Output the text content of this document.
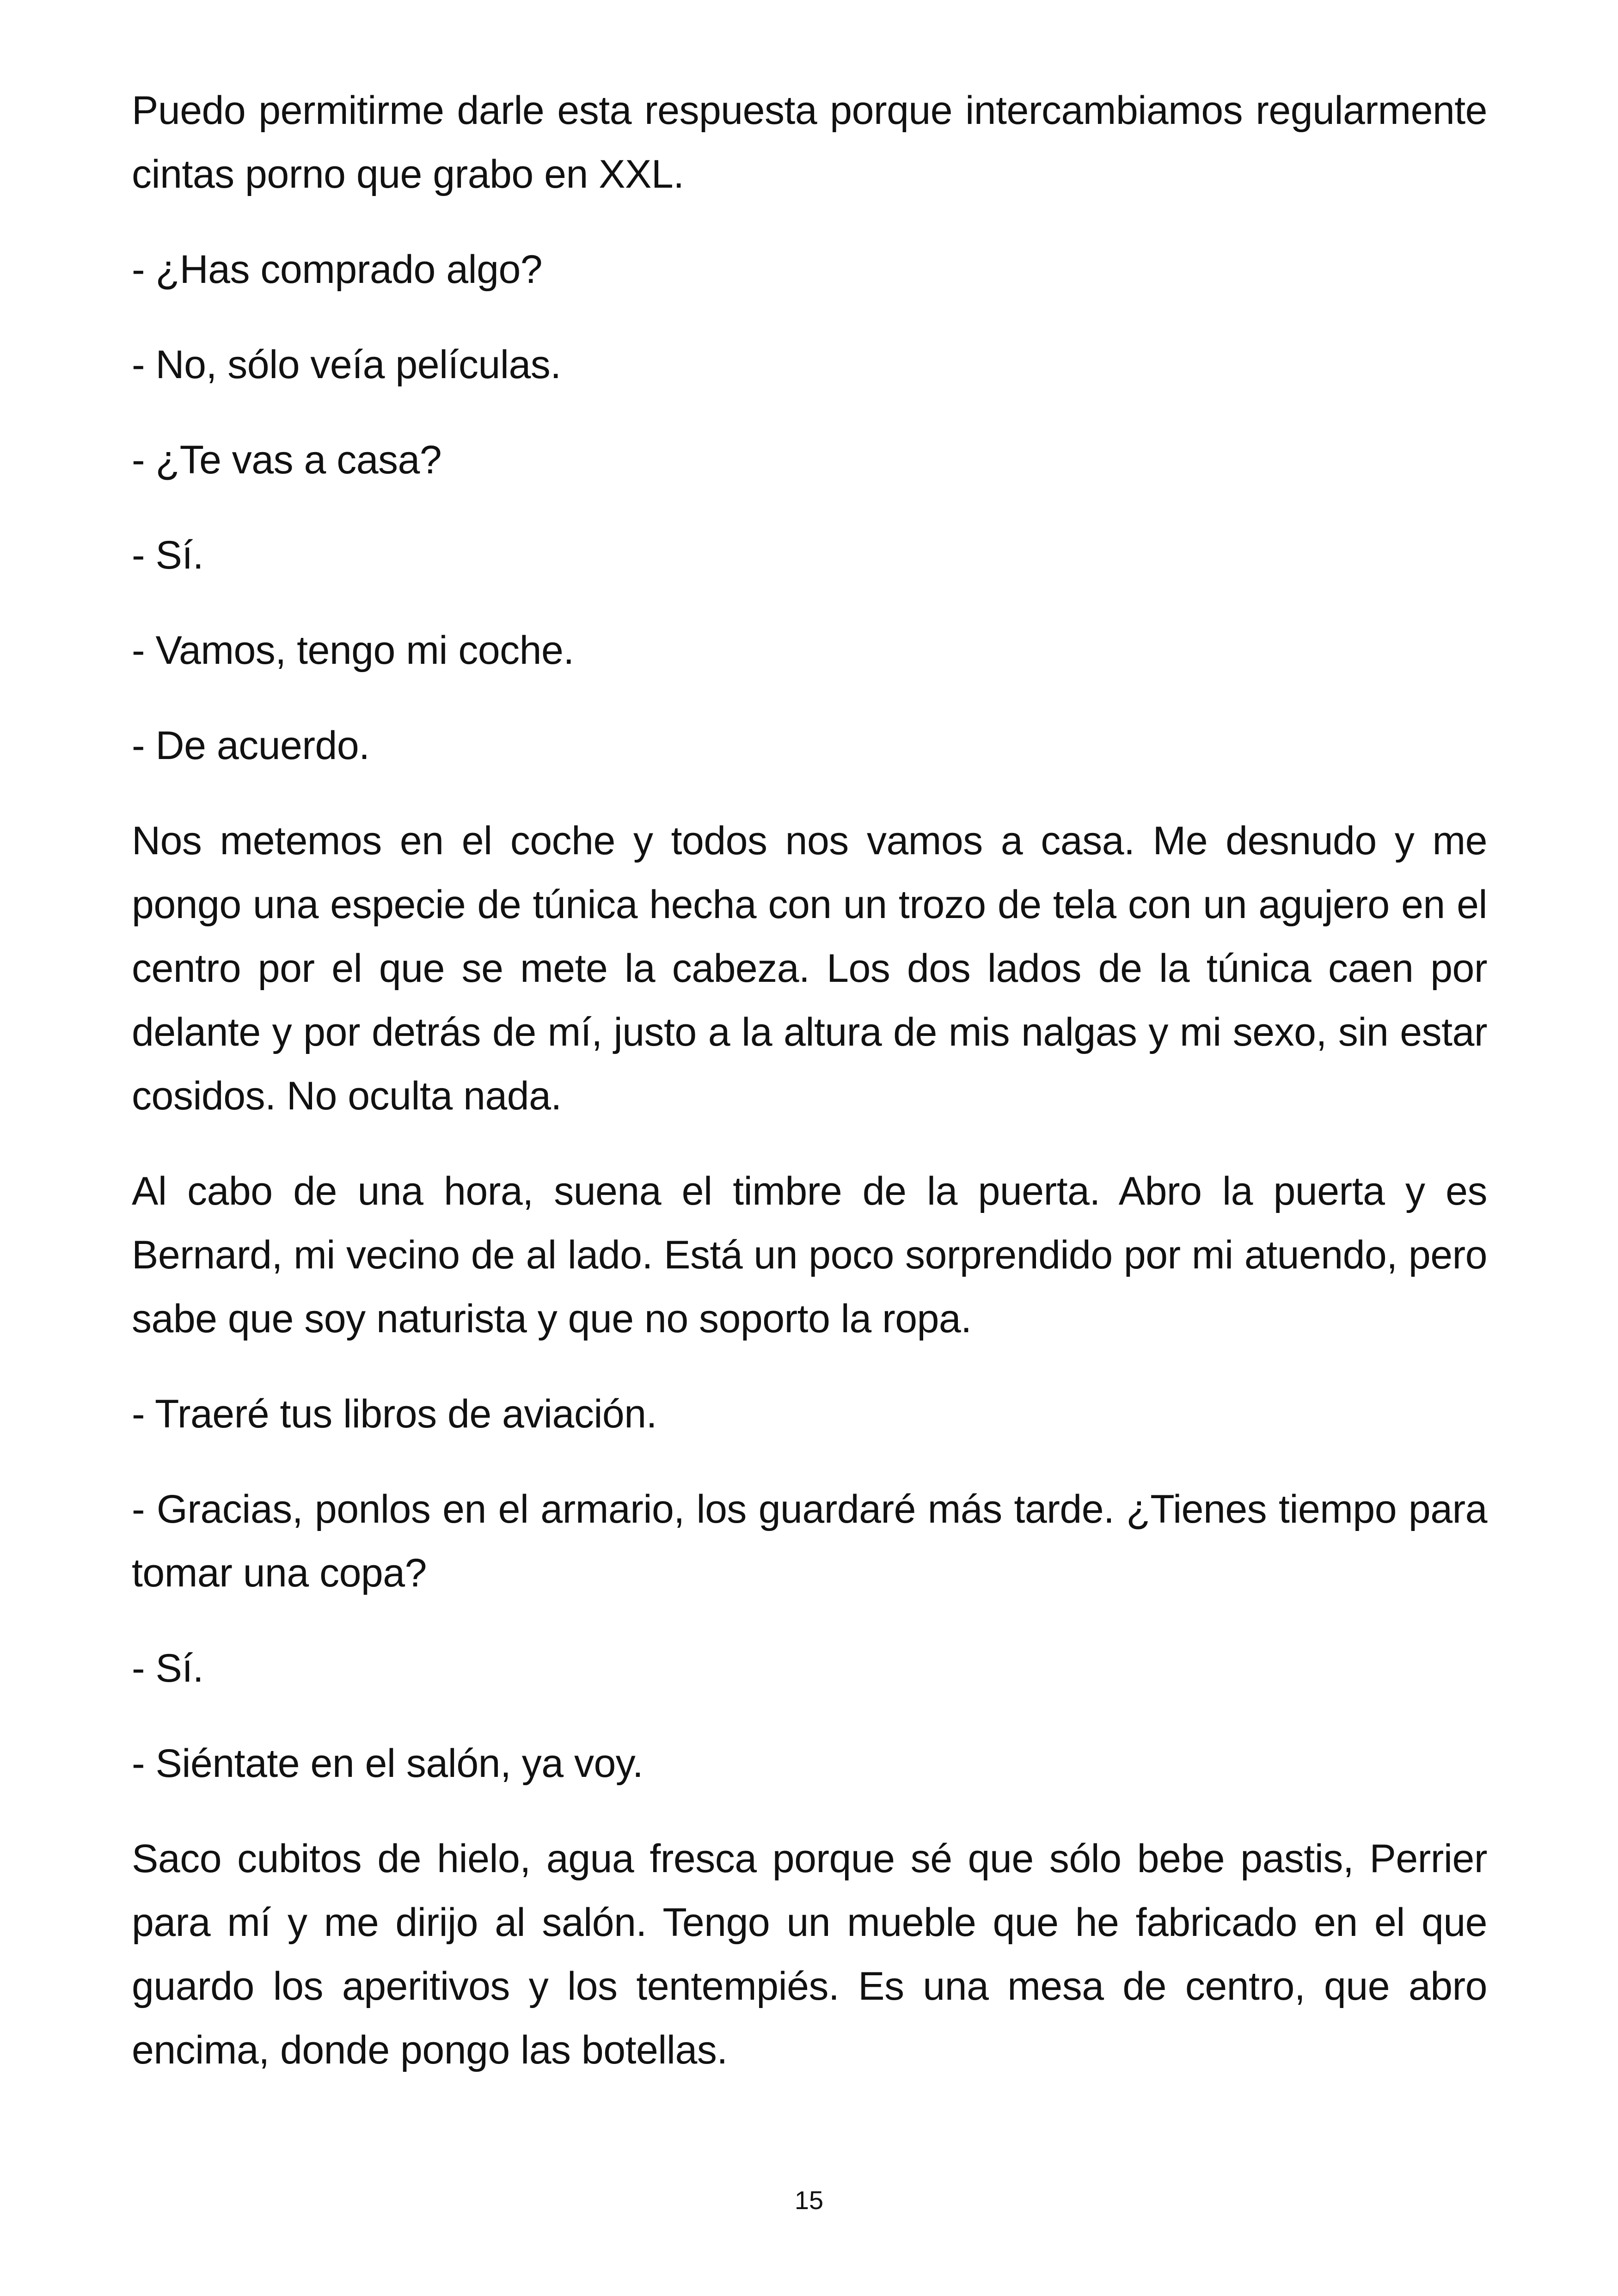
Puedo permitirme darle esta respuesta porque intercambiamos regularmente cintas porno que grabo en XXL.

- ¿Has comprado algo?

- No, sólo veía películas.

- ¿Te vas a casa?

- Sí.

- Vamos, tengo mi coche.

- De acuerdo.

Nos metemos en el coche y todos nos vamos a casa. Me desnudo y me pongo una especie de túnica hecha con un trozo de tela con un agujero en el centro por el que se mete la cabeza. Los dos lados de la túnica caen por delante y por detrás de mí, justo a la altura de mis nalgas y mi sexo, sin estar cosidos. No oculta nada.

Al cabo de una hora, suena el timbre de la puerta. Abro la puerta y es Bernard, mi vecino de al lado. Está un poco sorprendido por mi atuendo, pero sabe que soy naturista y que no soporto la ropa.

- Traeré tus libros de aviación.

- Gracias, ponlos en el armario, los guardaré más tarde. ¿Tienes tiempo para tomar una copa?

- Sí.

- Siéntate en el salón, ya voy.

Saco cubitos de hielo, agua fresca porque sé que sólo bebe pastis, Perrier para mí y me dirijo al salón. Tengo un mueble que he fabricado en el que guardo los aperitivos y los tentempiés. Es una mesa de centro, que abro encima, donde pongo las botellas.

15
